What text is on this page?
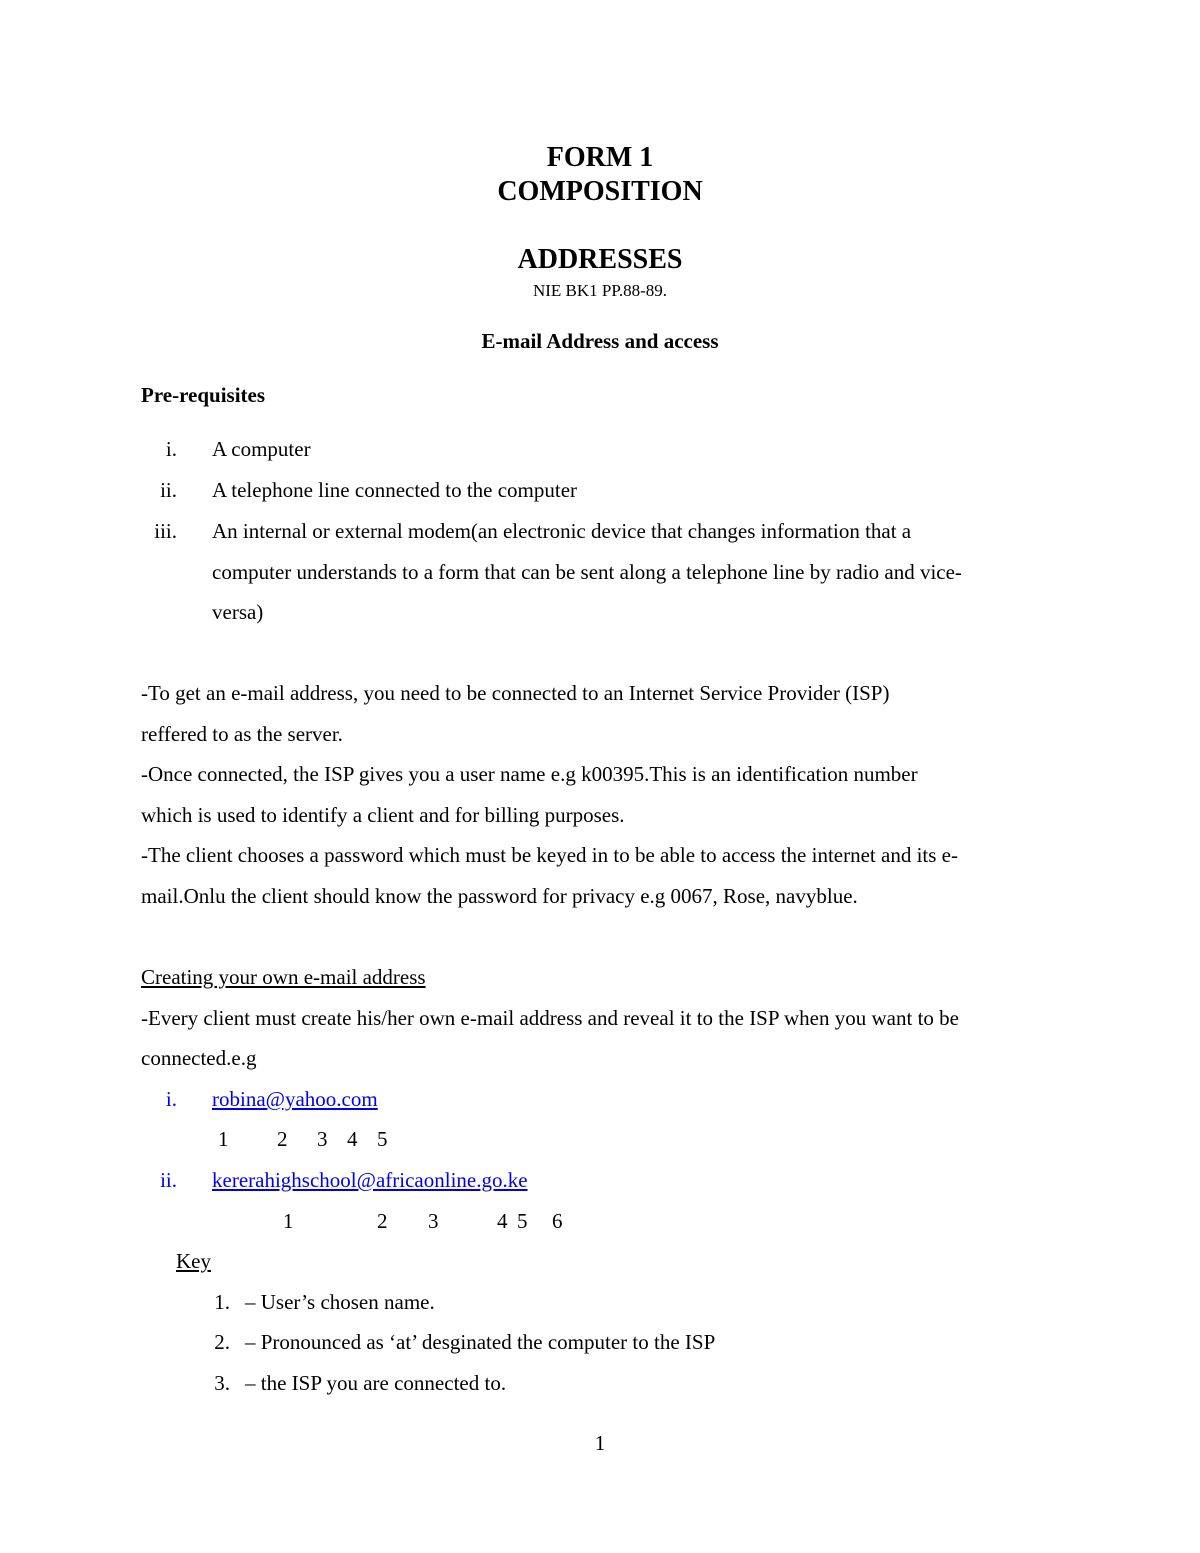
FORM 1
COMPOSITION
ADDRESSES
NIE BK1 PP.88-89.
E-mail Address and access
Pre-requisites
i. A computer
ii. A telephone line connected to the computer
iii. An internal or external modem(an electronic device that changes information that a
computer understands to a form that can be sent along a telephone line by radio and vice-
versa)
-To get an e-mail address, you need to be connected to an Internet Service Provider (ISP)
reffered to as the server.
-Once connected, the ISP gives you a user name e.g k00395.This is an identification number
which is used to identify a client and for billing purposes.
-The client chooses a password which must be keyed in to be able to access the internet and its e-
mail.Onlu the client should know the password for privacy e.g 0067, Rose, navyblue.
Creating your own e-mail address
-Every client must create his/her own e-mail address and reveal it to the ISP when you want to be
connected.e.g
i. robina@yahoo.com
1 2 3 4 5
ii. kererahighschool@africaonline.go.ke
1	2 3	4 5 6
Key
1. – User’s chosen name.
2. – Pronounced as ‘at’ desginated the computer to the ISP
3. – the ISP you are connected to.
1
